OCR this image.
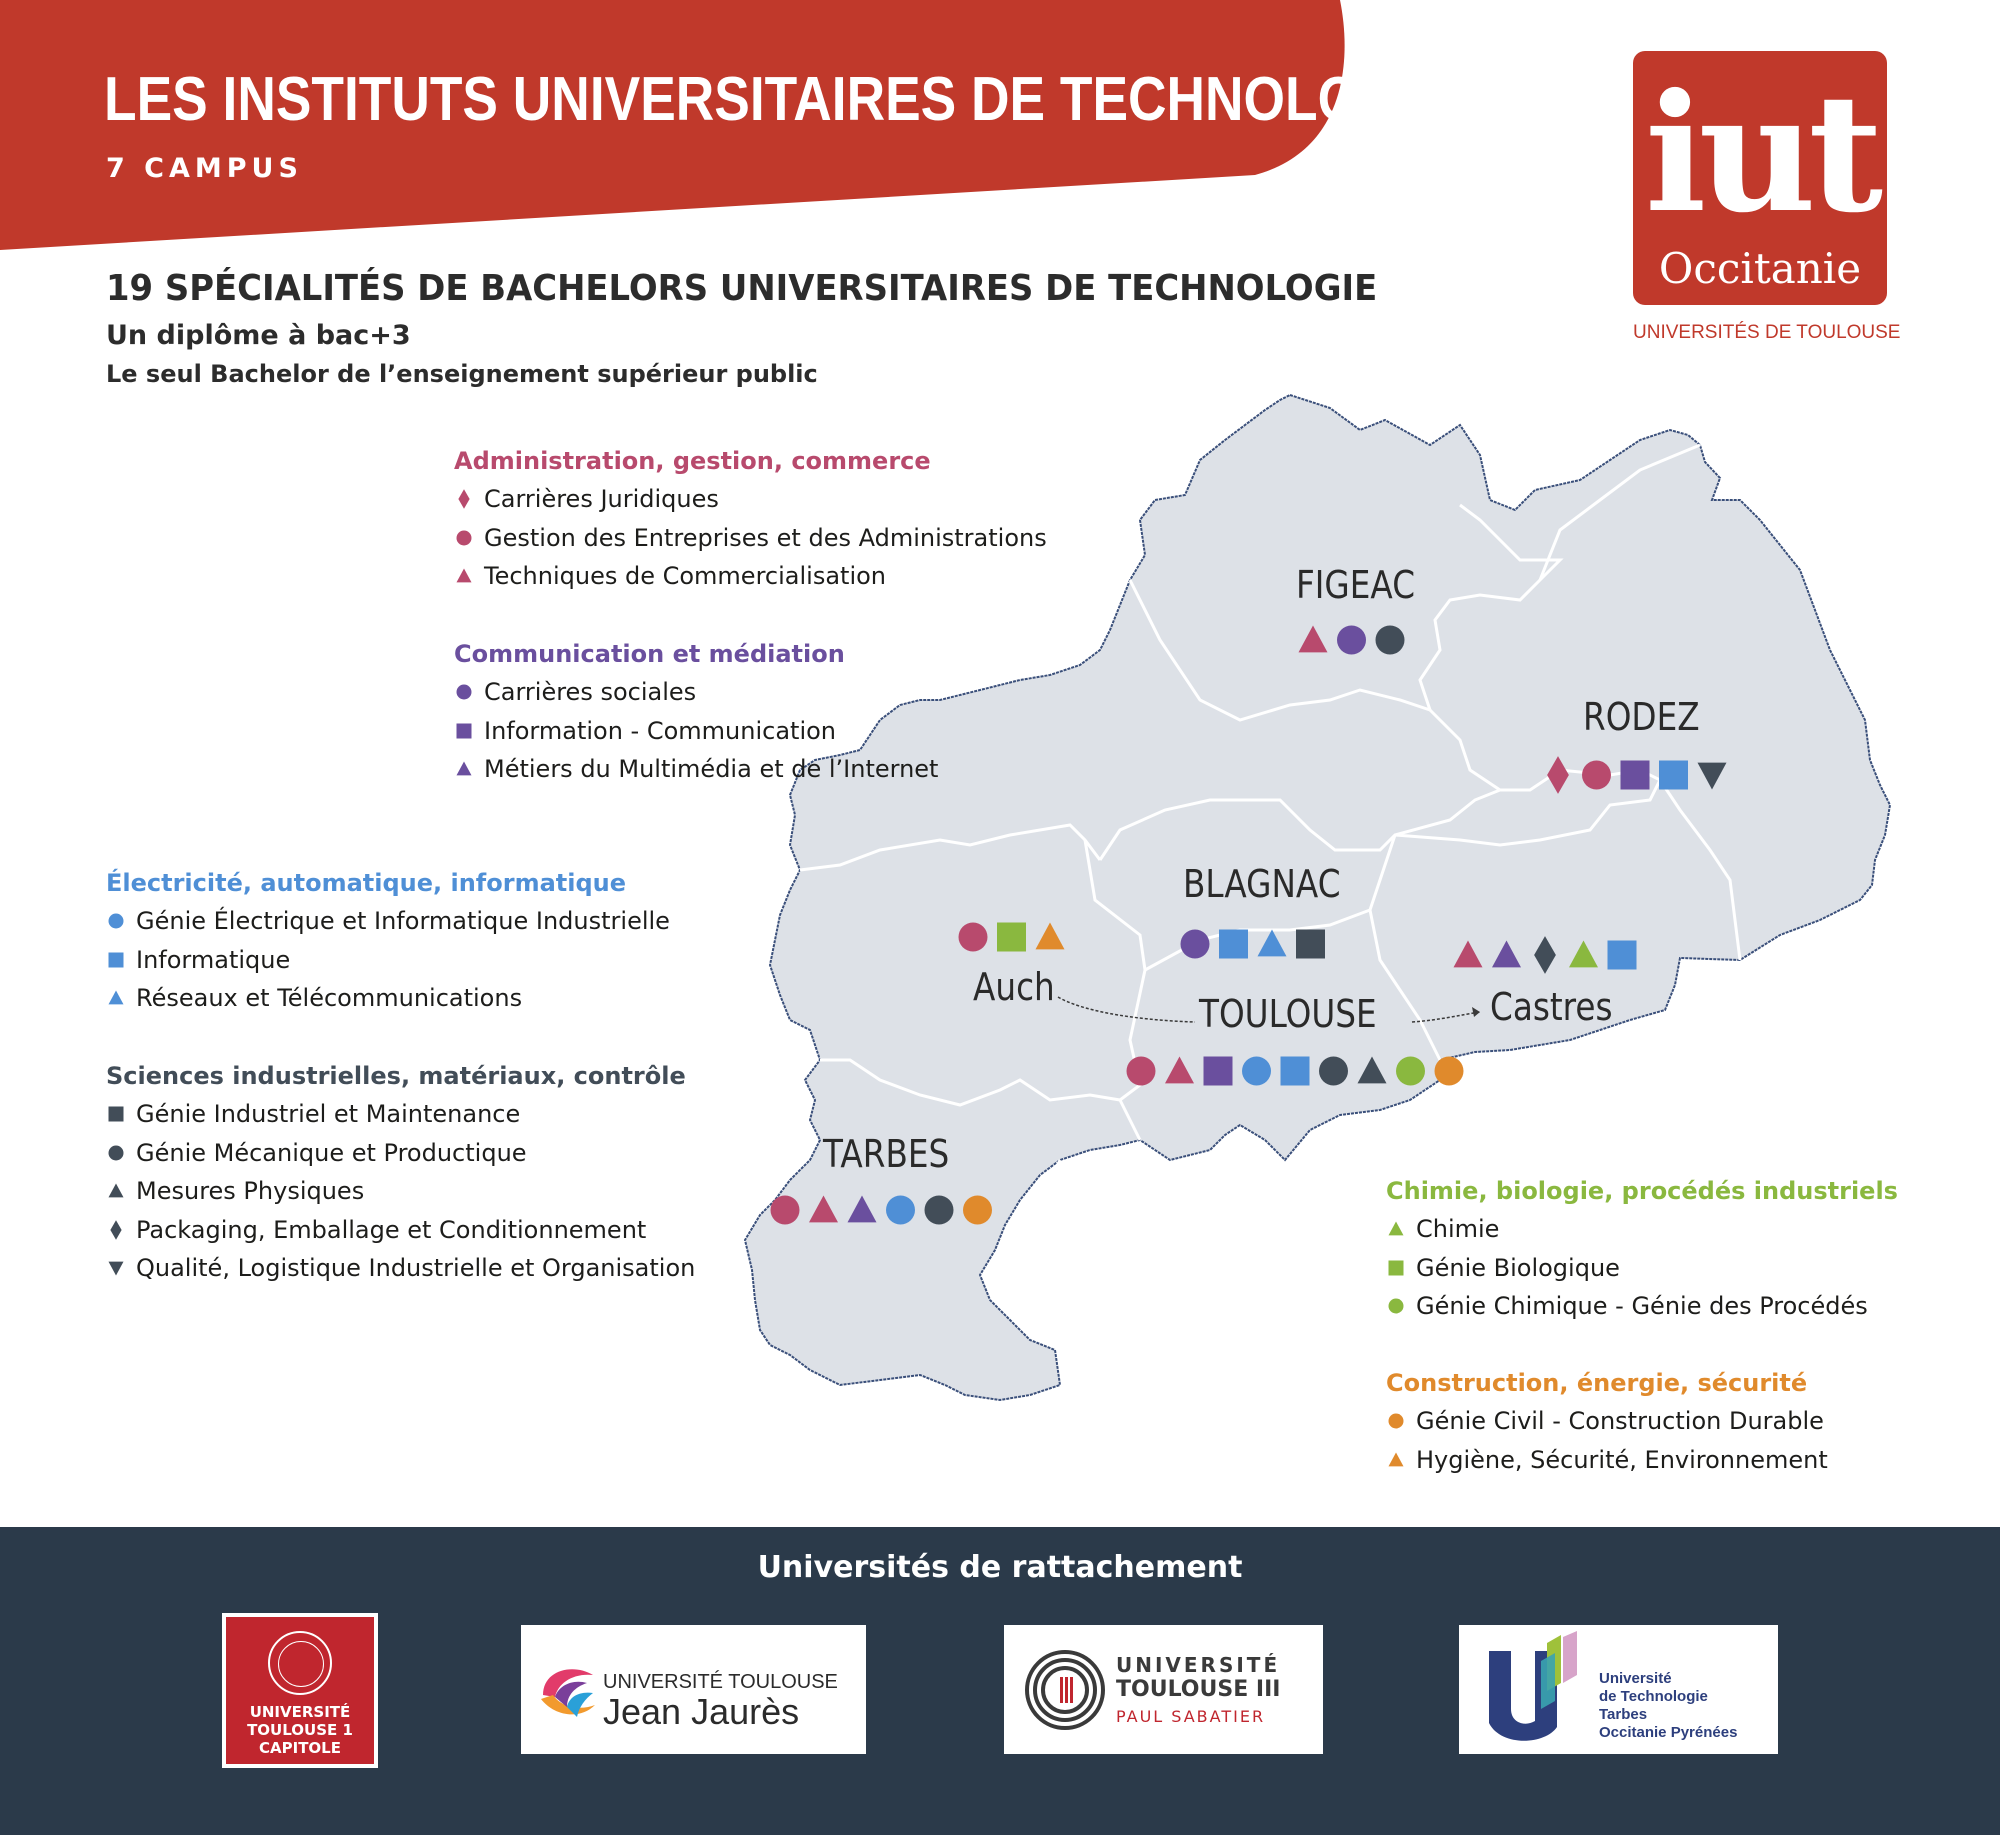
LES INSTITUTS UNIVERSITAIRES DE TECHNOLOGIE
7 CAMPUS	iut
Occitanie
UNIVERSITÉS DE TOULOUSE
19 SPÉCIALITÉS DE BACHELORS UNIVERSITAIRES DE TECHNOLOGIE
Un diplôme à bac+3
Le seul Bachelor de l’enseignement supérieur public
FIGEAC
RODEZ
BLAGNAC
Auch
TOULOUSE	Castres
TARBES
Administration, gestion, commerce
Carrières Juridiques
Gestion des Entreprises et des Administrations
Techniques de Commercialisation
Communication et médiation
Carrières sociales
Information - Communication
Métiers du Multimédia et de l’Internet
Électricité, automatique, informatique
Génie Électrique et Informatique Industrielle
Informatique
Réseaux et Télécommunications
Sciences industrielles, matériaux, contrôle
Génie Industriel et Maintenance
Génie Mécanique et Productique
Mesures Physiques
Packaging, Emballage et Conditionnement
Qualité, Logistique Industrielle et Organisation
Chimie, biologie, procédés industriels
Chimie
Génie Biologique
Génie Chimique - Génie des Procédés
Construction, énergie, sécurité
Génie Civil - Construction Durable
Hygiène, Sécurité, Environnement
Universités de rattachement
UNIVERSITÉ
TOULOUSE 1
CAPITOLE
UNIVERSITÉ TOULOUSE
Jean Jaurès
UNIVERSITÉ
TOULOUSE III
PAUL SABATIER
Université
de Technologie
Tarbes
Occitanie Pyrénées
